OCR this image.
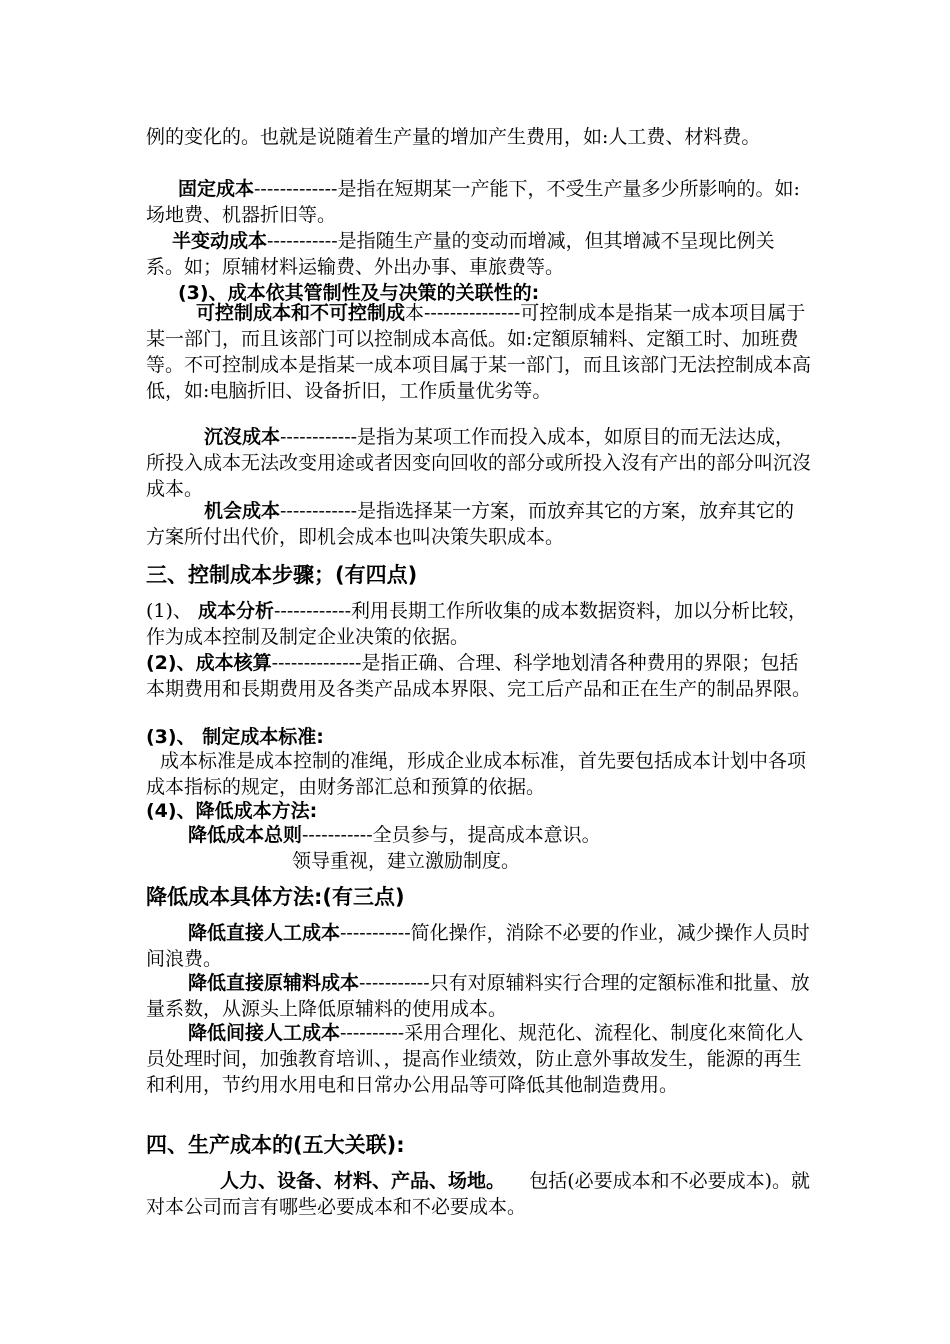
例的变化的。也就是说随着生产量的增加产生费用，如:人工费、材料费。

固定成本-------------是指在短期某一产能下，不受生产量多少所影响的。如:场地费、机器折旧等。

半变动成本-----------是指随生产量的变动而增减，但其增减不呈现比例关系。如；原辅材料运输费、外出办事、車旅费等。

(3)、成本依其管制性及与决策的关联性的:

可控制成本和不可控制成本---------------可控制成本是指某一成本项目属于某一部门，而且该部门可以控制成本高低。如:定額原辅料、定額工时、加班费等。不可控制成本是指某一成本项目属于某一部门，而且该部门无法控制成本高低，如:电脑折旧、设备折旧，工作质量优劣等。

沉沒成本------------是指为某项工作而投入成本，如原目的而无法达成，所投入成本无法改变用途或者因变向回收的部分或所投入沒有产出的部分叫沉沒成本。

机会成本------------是指选择某一方案，而放弃其它的方案，放弃其它的方案所付出代价，即机会成本也叫决策失职成本。

三、控制成本步骤；(有四点)

(1)、 成本分析------------利用長期工作所收集的成本数据资料，加以分析比较，作为成本控制及制定企业决策的依据。

(2)、成本核算--------------是指正确、合理、科学地划清各种费用的界限；包括本期费用和長期费用及各类产品成本界限、完工后产品和正在生产的制品界限。

(3)、 制定成本标准:

成本标准是成本控制的准绳，形成企业成本标准，首先要包括成本计划中各项成本指标的规定，由财务部汇总和预算的依据。

(4)、降低成本方法:

降低成本总则-----------全员参与，提高成本意识。

领导重视，建立激励制度。

降低成本具体方法:(有三点)

降低直接人工成本-----------简化操作，消除不必要的作业，减少操作人员时间浪费。

降低直接原辅料成本-----------只有对原辅料实行合理的定額标准和批量、放量系数，从源头上降低原辅料的使用成本。

降低间接人工成本----------采用合理化、规范化、流程化、制度化來简化人员处理时间，加強教育培训、，提高作业绩效，防止意外事故发生，能源的再生和利用，节约用水用电和日常办公用品等可降低其他制造费用。

四、生产成本的(五大关联):

人力、设备、材料、产品、场地。 包括(必要成本和不必要成本)。就对本公司而言有哪些必要成本和不必要成本。
